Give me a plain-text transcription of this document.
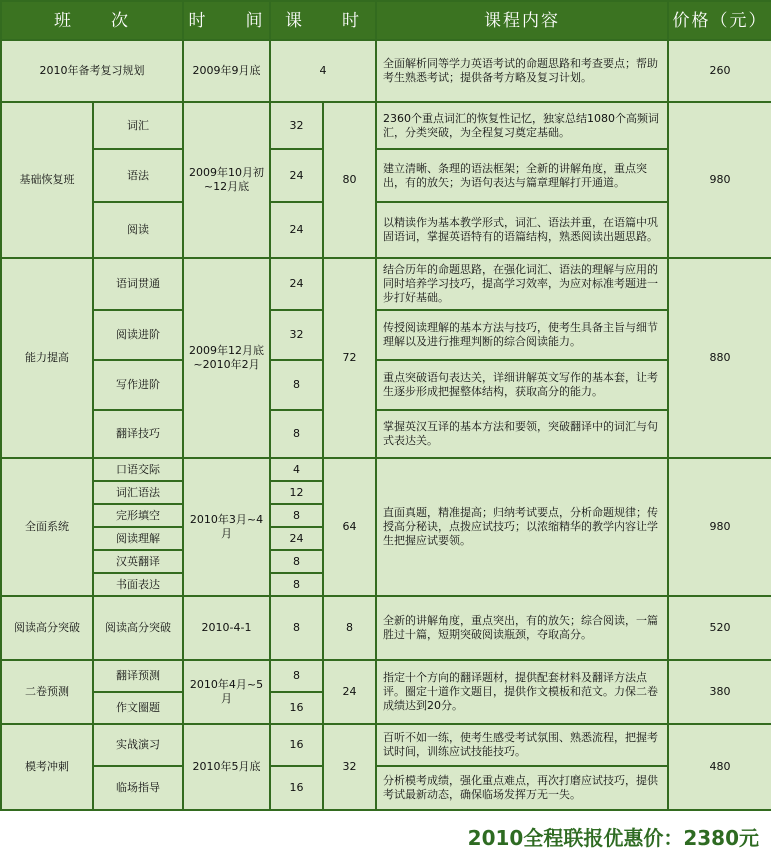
班　　次		时　　间	课　　时		课程内容	价格（元）
2010年备考复习规划		2009年9月底	4		全面解析同等学力英语考试的命题思路和考查要点；帮助考生熟悉考试；提供备考方略及复习计划。	260
基础恢复班	词汇	2009年10月初~12月底	32	80	2360个重点词汇的恢复性记忆，独家总结1080个高频词汇，分类突破，为全程复习奠定基础。	980
	语法		24		建立清晰、条理的语法框架；全新的讲解角度，重点突出，有的放矢；为语句表达与篇章理解打开通道。	
	阅读		24		以精读作为基本教学形式，词汇、语法并重，在语篇中巩固语词，掌握英语特有的语篇结构，熟悉阅读出题思路。	
能力提高	语词贯通	2009年12月底~2010年2月	24	72	结合历年的命题思路，在强化词汇、语法的理解与应用的同时培养学习技巧，提高学习效率，为应对标准考题进一步打好基础。	880
	阅读进阶		32		传授阅读理解的基本方法与技巧，使考生具备主旨与细节理解以及进行推理判断的综合阅读能力。	
	写作进阶		8		重点突破语句表达关，详细讲解英文写作的基本套，让考生逐步形成把握整体结构，获取高分的能力。	
	翻译技巧		8		掌握英汉互译的基本方法和要领，突破翻译中的词汇与句式表达关。	
全面系统	口语交际	2010年3月~4月	4	64	直面真题，精准提高；归纳考试要点，分析命题规律；传授高分秘诀，点拨应试技巧；以浓缩精华的教学内容让学生把握应试要领。	980
	词汇语法		12			
	完形填空		8			
	阅读理解		24			
	汉英翻译		8			
	书面表达		8			
阅读高分突破	阅读高分突破	2010-4-1	8	8	全新的讲解角度，重点突出，有的放矢；综合阅读，一篇胜过十篇，短期突破阅读瓶颈，夺取高分。	520
二卷预测	翻译预测	2010年4月~5月	8	24	指定十个方向的翻译题材，提供配套材料及翻译方法点评。圈定十道作文题目，提供作文模板和范文。力保二卷成绩达到20分。	380
	作文圈题		16			
模考冲刺	实战演习	2010年5月底	16	32	百听不如一练，使考生感受考试氛围、熟悉流程，把握考试时间，训练应试技能技巧。	480
	临场指导		16		分析模考成绩，强化重点难点，再次打磨应试技巧，提供考试最新动态，确保临场发挥万无一失。	
2010全程联报优惠价：2380元
